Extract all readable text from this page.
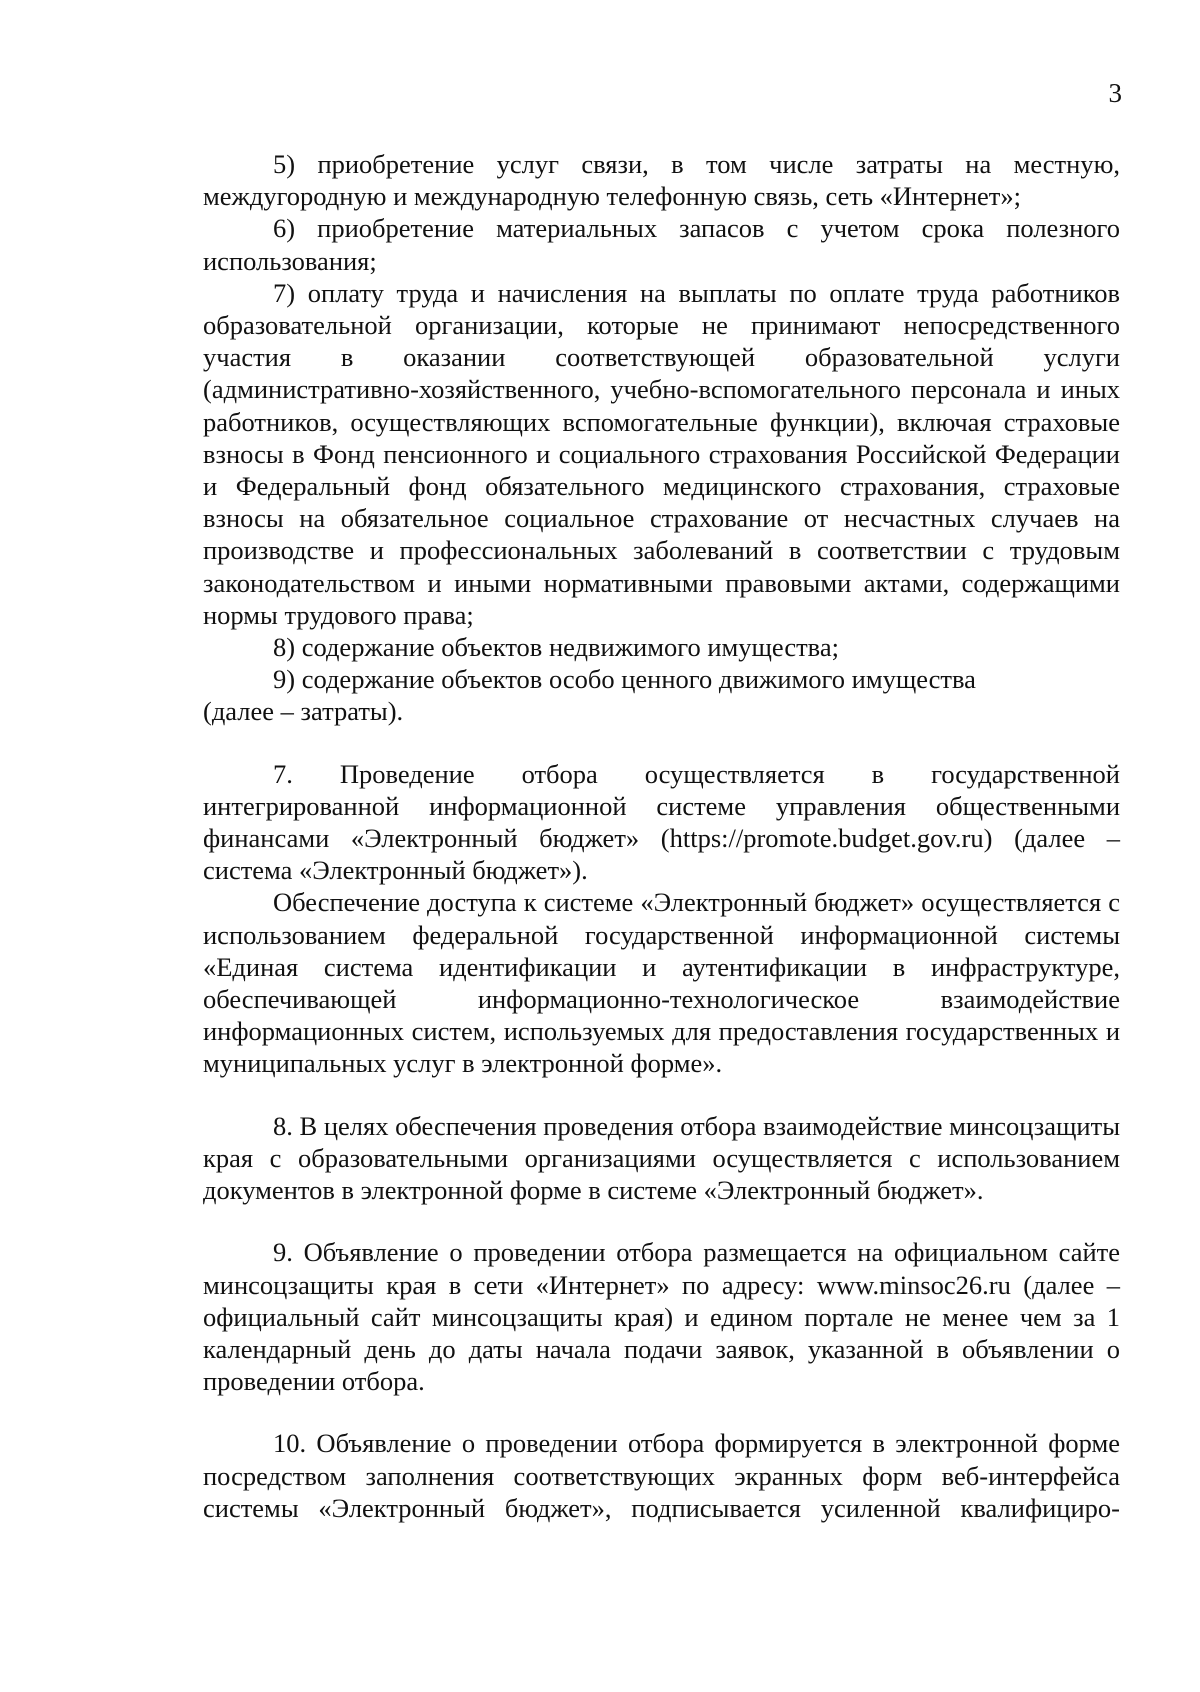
3

5) приобретение услуг связи, в том числе затраты на местную, междугородную и международную телефонную связь, сеть «Интернет»;

6) приобретение материальных запасов с учетом срока полезного использования;

7) оплату труда и начисления на выплаты по оплате труда работников образовательной организации, которые не принимают непосредственного участия в оказании соответствующей образовательной услуги (административно-хозяйственного, учебно-вспомогательного персонала и иных работников, осуществляющих вспомогательные функции), включая страховые взносы в Фонд пенсионного и социального страхования Российской Федерации и Федеральный фонд обязательного медицинского страхования, страховые взносы на обязательное социальное страхование от несчастных случаев на производстве и профессиональных заболеваний в соответствии с трудовым законодательством и иными нормативными правовыми актами, содержащими нормы трудового права;

8) содержание объектов недвижимого имущества;

9) содержание объектов особо ценного движимого имущества

(далее – затраты).

7. Проведение отбора осуществляется в государственной интегрированной информационной системе управления общественными финансами «Электронный бюджет» (https://promote.budget.gov.ru) (далее – система «Электронный бюджет»).

Обеспечение доступа к системе «Электронный бюджет» осуществляется с использованием федеральной государственной информационной системы «Единая система идентификации и аутентификации в инфраструктуре, обеспечивающей информационно-технологическое взаимодействие информационных систем, используемых для предоставления государственных и муниципальных услуг в электронной форме».

8. В целях обеспечения проведения отбора взаимодействие минсоцзащиты края с образовательными организациями осуществляется с использованием документов в электронной форме в системе «Электронный бюджет».

9. Объявление о проведении отбора размещается на официальном сайте минсоцзащиты края в сети «Интернет» по адресу: www.minsoc26.ru (далее – официальный сайт минсоцзащиты края) и едином портале не менее чем за 1 календарный день до даты начала подачи заявок, указанной в объявлении о проведении отбора.

10. Объявление о проведении отбора формируется в электронной форме посредством заполнения соответствующих экранных форм веб-интерфейса системы «Электронный бюджет», подписывается усиленной квалифициро-
